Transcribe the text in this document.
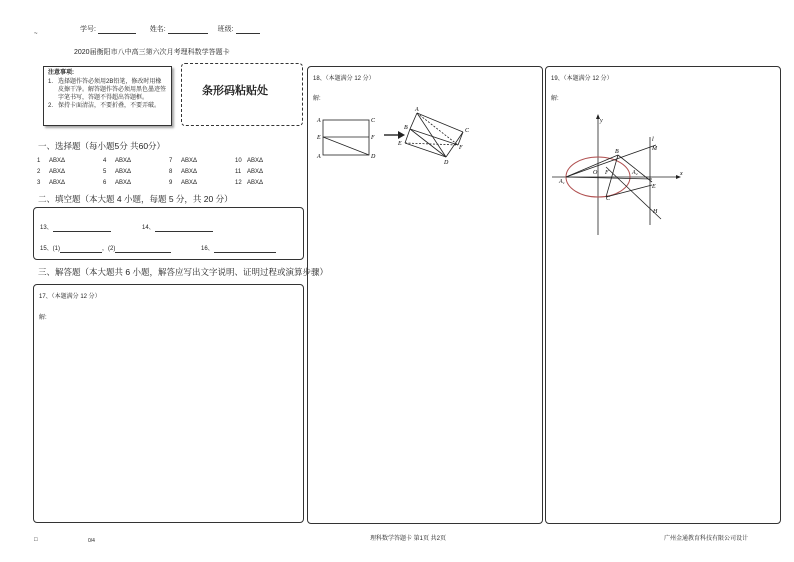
~
学号:	姓名:	班级:
2020届衡阳市八中高三第六次月考理科数学答题卡
注意事项:
1. 选择题作答必须用2B铅笔，修改时用橡皮擦干净。解答题作答必须用黑色墨迹签字笔书写，答题不得超出答题框。
2. 保持卡面清洁，不要折叠，不要弄破。
条形码粘贴处
一、选择题（每小题5分 共60分）
1	ABXΔ	4	ABXΔ	7	ABXΔ	10 ABXΔ
2	ABXΔ	5	ABXΔ	8	ABXΔ	11 ABXΔ
3	ABXΔ	6	ABXΔ	9	ABXΔ	12 ABXΔ
二、填空题（本大题 4 小题，每题 5 分，共 20 分）
13、	14、
15、(1)	，(2)	16、
三、解答题（本大题共 6 小题，解答应写出文字说明、证明过程或演算步骤）
17、（本题满分 12 分）
解:
18、（本题满分 12 分）
解:
A	C
E	F
A	D
A
B	C
E
F
D
19、（本题满分 12 分）
解:
y
x
O
A₁
A₂
B
C
F
M
E
H
l
□	0/4	理科数学答题卡 第1页 共2页	广州金通教育科技有限公司设计
